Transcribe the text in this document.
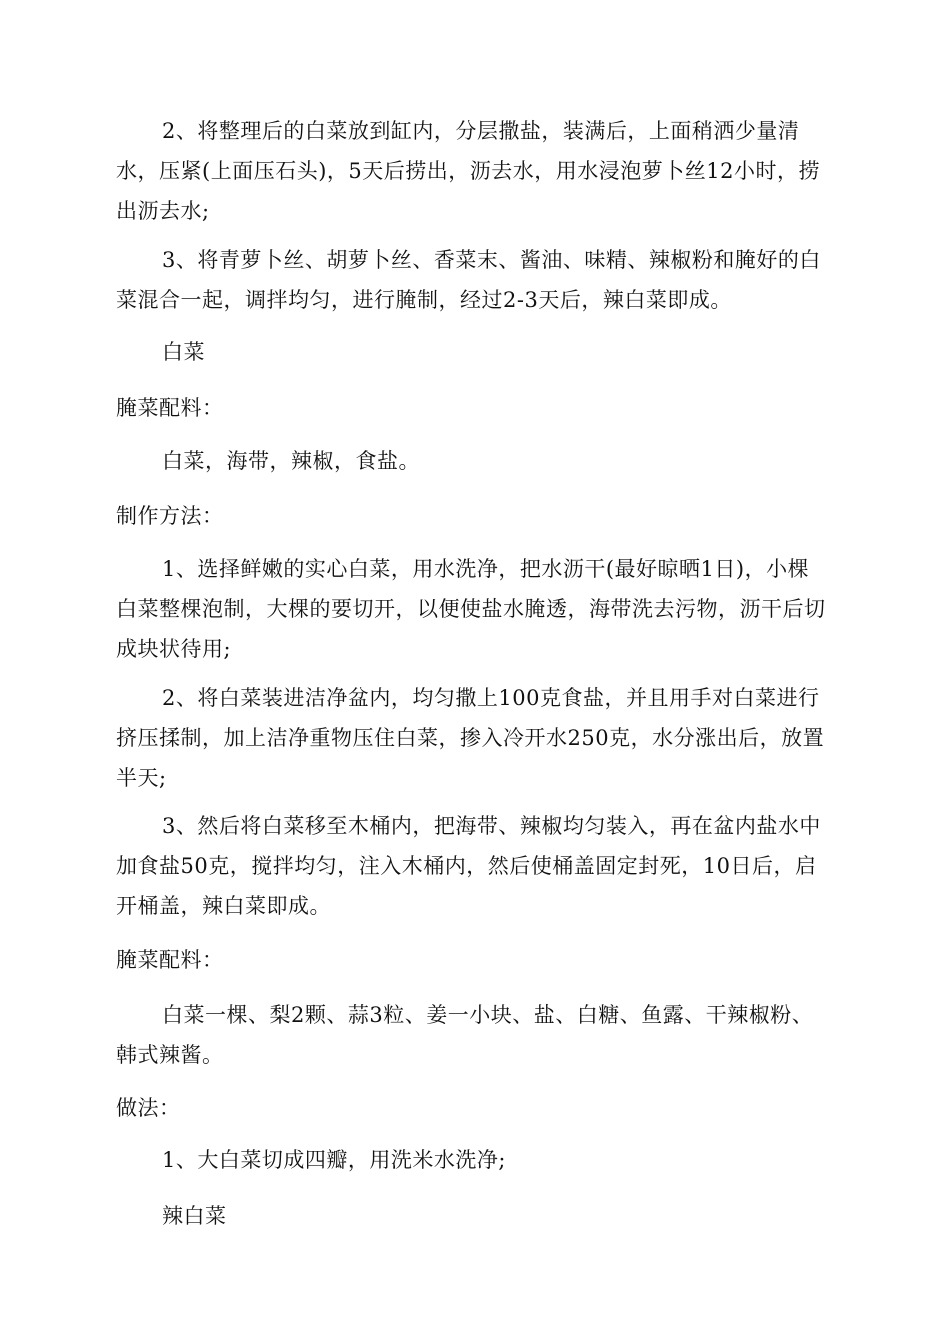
2、将整理后的白菜放到缸内，分层撒盐，装满后，上面稍洒少量清水，压紧(上面压石头)，5天后捞出，沥去水，用水浸泡萝卜丝12小时，捞出沥去水;

3、将青萝卜丝、胡萝卜丝、香菜末、酱油、味精、辣椒粉和腌好的白菜混合一起，调拌均匀，进行腌制，经过2-3天后，辣白菜即成。

白菜

腌菜配料：

白菜，海带，辣椒，食盐。

制作方法：

1、选择鲜嫩的实心白菜，用水洗净，把水沥干(最好晾晒1日)，小棵白菜整棵泡制，大棵的要切开，以便使盐水腌透，海带洗去污物，沥干后切成块状待用;

2、将白菜装进洁净盆内，均匀撒上100克食盐，并且用手对白菜进行挤压揉制，加上洁净重物压住白菜，掺入冷开水250克，水分涨出后，放置半天;

3、然后将白菜移至木桶内，把海带、辣椒均匀装入，再在盆内盐水中加食盐50克，搅拌均匀，注入木桶内，然后使桶盖固定封死，10日后，启开桶盖，辣白菜即成。

腌菜配料：

白菜一棵、梨2颗、蒜3粒、姜一小块、盐、白糖、鱼露、干辣椒粉、韩式辣酱。

做法：

1、大白菜切成四瓣，用洗米水洗净;

辣白菜
